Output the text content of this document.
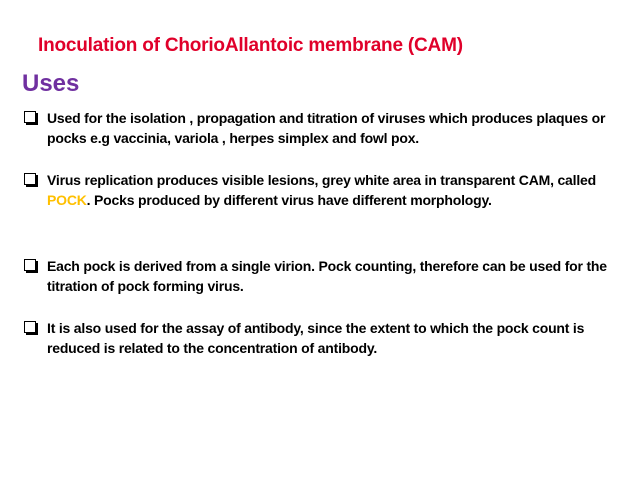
Inoculation of ChorioAllantoic membrane (CAM)
Uses
Used for the isolation , propagation and titration of viruses which produces plaques or pocks e.g vaccinia, variola , herpes simplex and fowl pox.
Virus replication produces visible lesions, grey white area in transparent CAM, called POCK. Pocks produced by different virus have different morphology.
Each pock is derived from a single virion. Pock counting, therefore can be used for the titration of pock forming virus.
It is also used for the assay of antibody, since the extent to which the pock count is reduced is related to the concentration of antibody.
